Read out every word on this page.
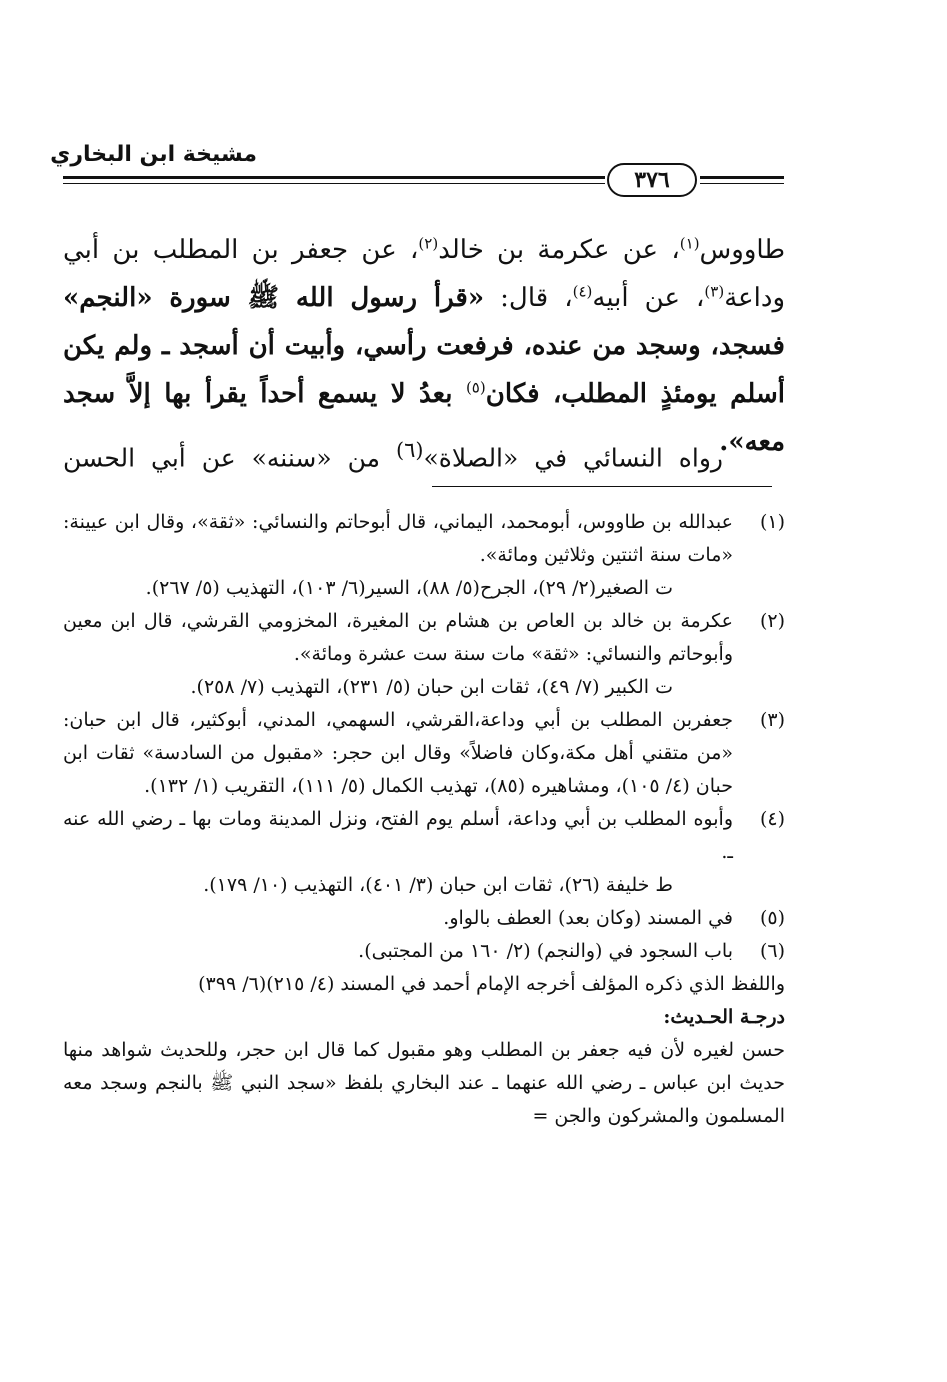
مشيخة ابن البخاري
٣٧٦
طاووس$^{(١)}$، عن عكرمة بن خالد$^{(٢)}$، عن جعفر بن المطلب بن أبي وداعة$^{(٣)}$، عن أبيه$^{(٤)}$، قال: «قرأ رسول الله ﷺ سورة «النجم» فسجد، وسجد من عنده، فرفعت رأسي، وأبيت أن أسجد ـ ولم يكن أسلم يومئذٍ المطلب، فكان$^{(٥)}$ بعدُ لا يسمع أحداً يقرأ بها إلاَّ سجد معه».
رواه النسائي في «الصلاة»$^{(٦)}$ من «سننه» عن أبي الحسن
(١)
عبدالله بن طاووس، أبومحمد، اليماني، قال أبوحاتم والنسائي: «ثقة»، وقال ابن عيينة: «مات سنة اثنتين وثلاثين ومائة».
ت الصغير(٢/ ٢٩)، الجرح(٥/ ٨٨)، السير(٦/ ١٠٣)، التهذيب (٥/ ٢٦٧).
(٢)
عكرمة بن خالد بن العاص بن هشام بن المغيرة، المخزومي القرشي، قال ابن معين وأبوحاتم والنسائي: «ثقة» مات سنة ست عشرة ومائة».
ت الكبير (٧/ ٤٩)، ثقات ابن حبان (٥/ ٢٣١)، التهذيب (٧/ ٢٥٨).
(٣)
جعفربن المطلب بن أبي وداعة،القرشي، السهمي، المدني، أبوكثير، قال ابن حبان: «من متقني أهل مكة،وكان فاضلاً» وقال ابن حجر: «مقبول من السادسة» ثقات ابن حبان (٤/ ١٠٥)، ومشاهيره (٨٥)، تهذيب الكمال (٥/ ١١١)، التقريب (١/ ١٣٢).
(٤)
وأبوه المطلب بن أبي وداعة، أسلم يوم الفتح، ونزل المدينة ومات بها ـ رضي الله عنه ـ.
ط خليفة (٢٦)، ثقات ابن حبان (٣/ ٤٠١)، التهذيب (١٠/ ١٧٩).
(٥)
في المسند (وكان بعد) العطف بالواو.
(٦)
باب السجود في (والنجم) (٢/ ١٦٠ من المجتبى).
واللفظ الذي ذكره المؤلف أخرجه الإمام أحمد في المسند (٤/ ٢١٥)(٦/ ٣٩٩)
درجـة الحـديث:
حسن لغيره لأن فيه جعفر بن المطلب وهو مقبول كما قال ابن حجر، وللحديث شواهد منها حديث ابن عباس ـ رضي الله عنهما ـ عند البخاري بلفظ «سجد النبي ﷺ بالنجم وسجد معه المسلمون والمشركون والجن =
